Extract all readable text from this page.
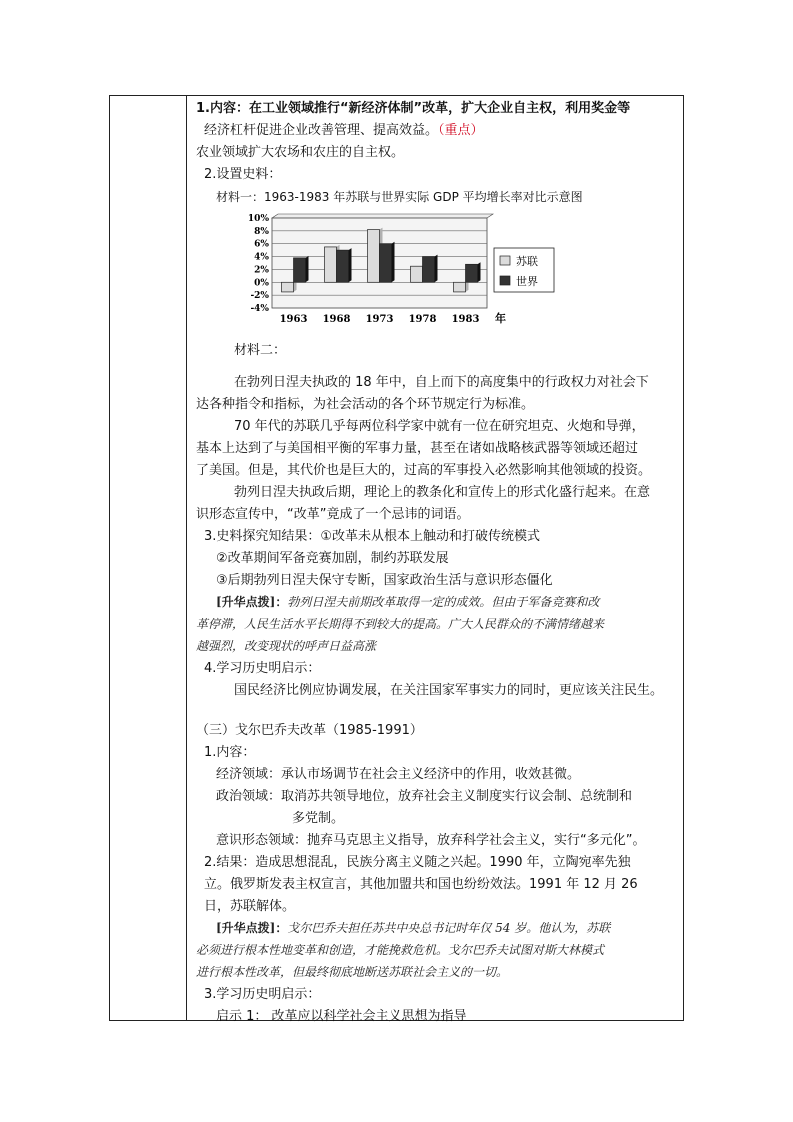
1.内容：在工业领域推行“新经济体制”改革，扩大企业自主权，利用奖金等
经济杠杆促进企业改善管理、提高效益。（重点）
农业领域扩大农场和农庄的自主权。
2.设置史料：
材料一：1963-1983 年苏联与世界实际 GDP 平均增长率对比示意图
10%
8%
6%
4%
2%
0%
-2%
-4%
1963 1968 1973 1978 1983 年
苏联
世界
材料二：
在勃列日涅夫执政的 18 年中，自上而下的高度集中的行政权力对社会下
达各种指令和指标，为社会活动的各个环节规定行为标准。
70 年代的苏联几乎每两位科学家中就有一位在研究坦克、火炮和导弹，
基本上达到了与美国相平衡的军事力量，甚至在诸如战略核武器等领域还超过
了美国。但是，其代价也是巨大的，过高的军事投入必然影响其他领域的投资。
勃列日涅夫执政后期，理论上的教条化和宣传上的形式化盛行起来。在意
识形态宣传中，“改革”竟成了一个忌讳的词语。
3.史料探究知结果：①改革未从根本上触动和打破传统模式
②改革期间军备竞赛加剧，制约苏联发展
③后期勃列日涅夫保守专断，国家政治生活与意识形态僵化
[升华点拨]：勃列日涅夫前期改革取得一定的成效。但由于军备竞赛和改
革停滞，人民生活水平长期得不到较大的提高。广大人民群众的不满情绪越来
越强烈，改变现状的呼声日益高涨
4.学习历史明启示：
国民经济比例应协调发展，在关注国家军事实力的同时，更应该关注民生。
（三）戈尔巴乔夫改革（1985-1991）
1.内容：
经济领域：承认市场调节在社会主义经济中的作用，收效甚微。
政治领域：取消苏共领导地位，放弃社会主义制度实行议会制、总统制和
多党制。
意识形态领域：抛弃马克思主义指导，放弃科学社会主义，实行“多元化”。
2.结果：造成思想混乱，民族分离主义随之兴起。1990 年，立陶宛率先独
立。俄罗斯发表主权宣言，其他加盟共和国也纷纷效法。1991 年 12 月 26
日，苏联解体。
[升华点拨]：戈尔巴乔夫担任苏共中央总书记时年仅 54 岁。他认为，苏联
必须进行根本性地变革和创造，才能挽救危机。戈尔巴乔夫试图对斯大林模式
进行根本性改革，但最终彻底地断送苏联社会主义的一切。
3.学习历史明启示：
启示 1： 改革应以科学社会主义思想为指导
